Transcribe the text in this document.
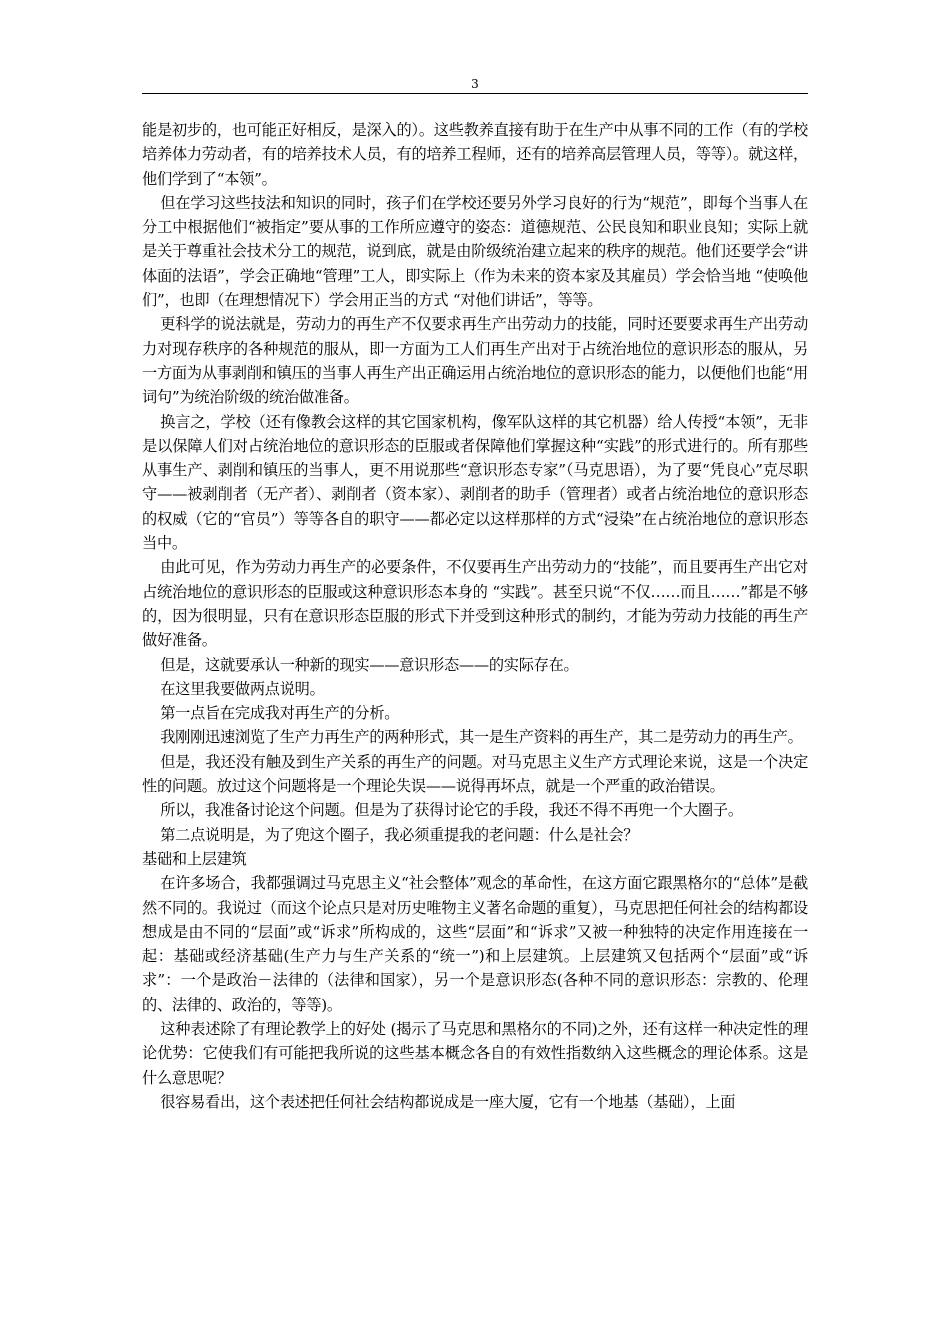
3

能是初步的，也可能正好相反，是深入的）。这些教养直接有助于在生产中从事不同的工作（有的学校培养体力劳动者，有的培养技术人员，有的培养工程师，还有的培养高层管理人员，等等）。就这样，他们学到了“本领”。

但在学习这些技法和知识的同时，孩子们在学校还要另外学习良好的行为“规范”，即每个当事人在分工中根据他们“被指定”要从事的工作所应遵守的姿态：道德规范、公民良知和职业良知；实际上就是关于尊重社会技术分工的规范，说到底，就是由阶级统治建立起来的秩序的规范。他们还要学会“讲体面的法语”，学会正确地“管理”工人，即实际上（作为未来的资本家及其雇员）学会恰当地 “使唤他们”，也即（在理想情况下）学会用正当的方式 “对他们讲话”，等等。

更科学的说法就是，劳动力的再生产不仅要求再生产出劳动力的技能，同时还要要求再生产出劳动力对现存秩序的各种规范的服从，即一方面为工人们再生产出对于占统治地位的意识形态的服从，另一方面为从事剥削和镇压的当事人再生产出正确运用占统治地位的意识形态的能力，以便他们也能“用词句”为统治阶级的统治做准备。

换言之，学校（还有像教会这样的其它国家机构，像军队这样的其它机器）给人传授“本领”，无非是以保障人们对占统治地位的意识形态的臣服或者保障他们掌握这种“实践”的形式进行的。所有那些从事生产、剥削和镇压的当事人，更不用说那些“意识形态专家”（马克思语），为了要“凭良心”克尽职守——被剥削者（无产者）、剥削者（资本家）、剥削者的助手（管理者）或者占统治地位的意识形态的权威（它的“官员”）等等各自的职守——都必定以这样那样的方式“浸染”在占统治地位的意识形态当中。

由此可见，作为劳动力再生产的必要条件，不仅要再生产出劳动力的“技能”，而且要再生产出它对占统治地位的意识形态的臣服或这种意识形态本身的 “实践”。甚至只说“不仅……而且……”都是不够的，因为很明显，只有在意识形态臣服的形式下并受到这种形式的制约，才能为劳动力技能的再生产做好准备。

但是，这就要承认一种新的现实——意识形态——的实际存在。

在这里我要做两点说明。

第一点旨在完成我对再生产的分析。

我刚刚迅速浏览了生产力再生产的两种形式，其一是生产资料的再生产，其二是劳动力的再生产。

但是，我还没有触及到生产关系的再生产的问题。对马克思主义生产方式理论来说，这是一个决定性的问题。放过这个问题将是一个理论失误——说得再坏点，就是一个严重的政治错误。

所以，我准备讨论这个问题。但是为了获得讨论它的手段，我还不得不再兜一个大圈子。

第二点说明是，为了兜这个圈子，我必须重提我的老问题：什么是社会？

基础和上层建筑

在许多场合，我都强调过马克思主义“社会整体”观念的革命性，在这方面它跟黑格尔的“总体”是截然不同的。我说过（而这个论点只是对历史唯物主义著名命题的重复），马克思把任何社会的结构都设想成是由不同的“层面”或“诉求”所构成的，这些“层面”和“诉求”又被一种独特的决定作用连接在一起：基础或经济基础(生产力与生产关系的“统一”)和上层建筑。上层建筑又包括两个“层面”或“诉求”：一个是政治－法律的（法律和国家），另一个是意识形态(各种不同的意识形态：宗教的、伦理的、法律的、政治的，等等)。

这种表述除了有理论教学上的好处 (揭示了马克思和黑格尔的不同)之外，还有这样一种决定性的理论优势：它使我们有可能把我所说的这些基本概念各自的有效性指数纳入这些概念的理论体系。这是什么意思呢？

很容易看出，这个表述把任何社会结构都说成是一座大厦，它有一个地基（基础），上面
